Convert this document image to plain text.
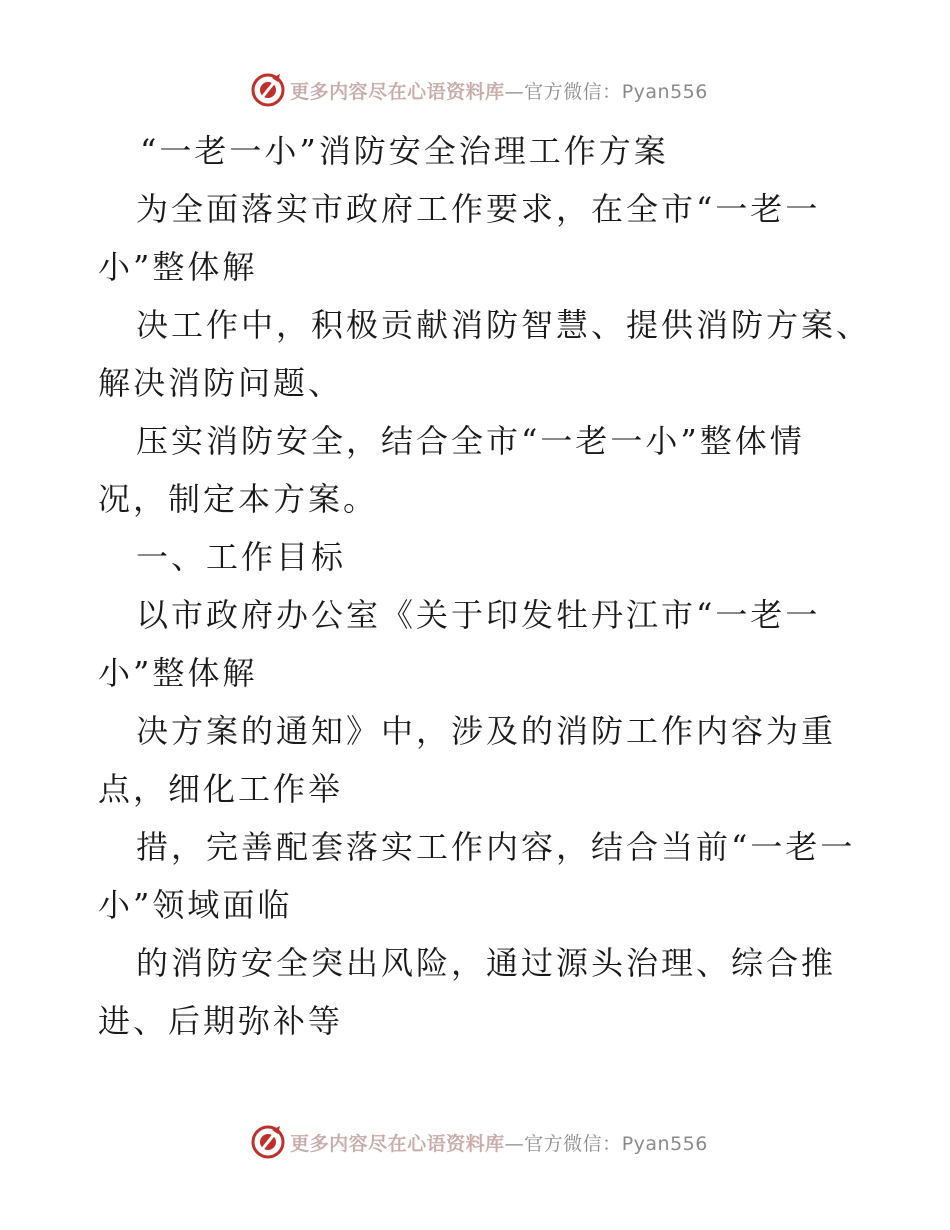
更多内容尽在心语资料库—官方微信：Pyan556
“一老一小”消防安全治理工作方案
为全面落实市政府工作要求，在全市“一老一
小”整体解
决工作中，积极贡献消防智慧、提供消防方案、
解决消防问题、
压实消防安全，结合全市“一老一小”整体情
况，制定本方案。
一、工作目标
以市政府办公室《关于印发牡丹江市“一老一
小”整体解
决方案的通知》中，涉及的消防工作内容为重
点，细化工作举
措，完善配套落实工作内容，结合当前“一老一
小”领域面临
的消防安全突出风险，通过源头治理、综合推
进、后期弥补等
更多内容尽在心语资料库—官方微信：Pyan556
